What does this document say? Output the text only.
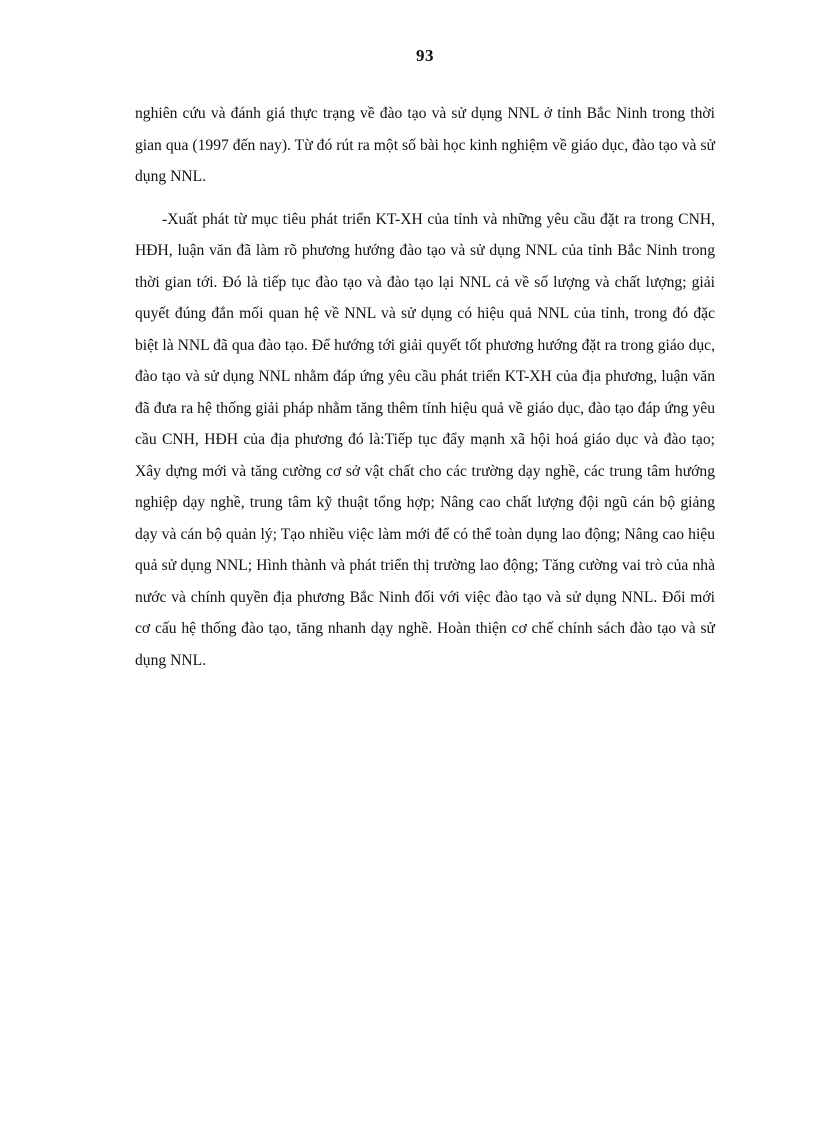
93

nghiên cứu và đánh giá thực trạng về đào tạo và sử dụng NNL ở tỉnh Bắc Ninh trong thời gian qua (1997 đến nay). Từ đó rút ra một số bài học kinh nghiệm về giáo dục, đào tạo và sử dụng NNL.

-Xuất phát từ mục tiêu phát triển KT-XH của tỉnh và những yêu cầu đặt ra trong CNH, HĐH, luận văn đã làm rõ phương hướng đào tạo và sử dụng NNL của tỉnh Bắc Ninh trong thời gian tới. Đó là tiếp tục đào tạo và đào tạo lại NNL cả về số lượng và chất lượng; giải quyết đúng đắn mối quan hệ về NNL và sử dụng có hiệu quả NNL của tỉnh, trong đó đặc biệt là NNL đã qua đào tạo. Để hướng tới giải quyết tốt phương hướng đặt ra trong giáo dục, đào tạo và sử dụng NNL nhằm đáp ứng yêu cầu phát triển KT-XH của địa phương, luận văn đã đưa ra hệ thống giải pháp nhằm tăng thêm tính hiệu quả về giáo dục, đào tạo đáp ứng yêu cầu CNH, HĐH của địa phương đó là:Tiếp tục đẩy mạnh xã hội hoá giáo dục và đào tạo; Xây dựng mới và tăng cường cơ sở vật chất cho các trường dạy nghề, các trung tâm hướng nghiệp dạy nghề, trung tâm kỹ thuật tổng hợp; Nâng cao chất lượng đội ngũ cán bộ giảng dạy và cán bộ quản lý; Tạo nhiều việc làm mới để có thể toàn dụng lao động; Nâng cao hiệu quả sử dụng NNL; Hình thành và phát triển thị trường lao động; Tăng cường vai trò của nhà nước và chính quyền địa phương Bắc Ninh đối với việc đào tạo và sử dụng NNL. Đổi mới cơ cấu hệ thống đào tạo, tăng nhanh dạy nghề. Hoàn thiện cơ chế chính sách đào tạo và sử dụng NNL.
